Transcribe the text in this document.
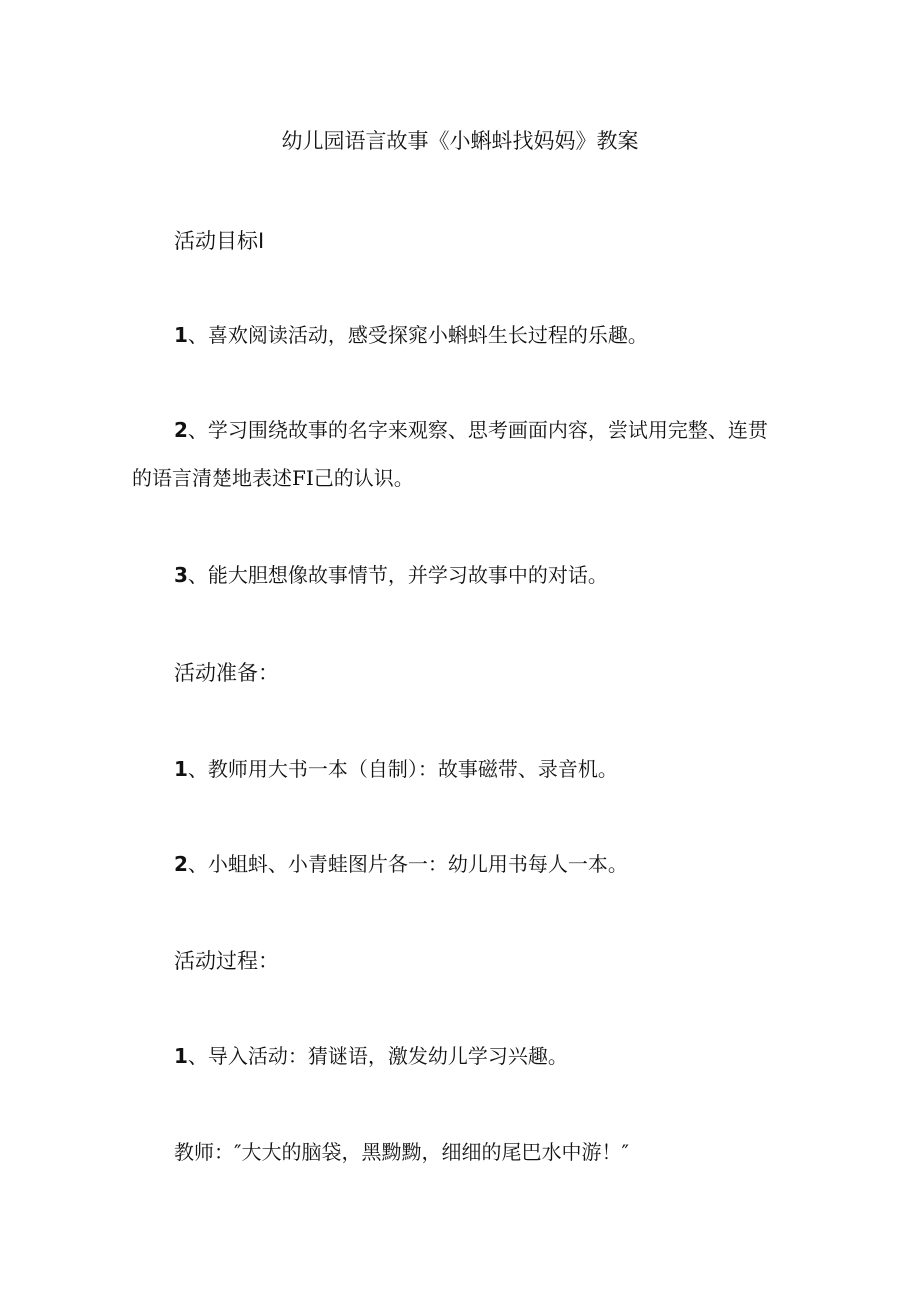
幼儿园语言故事《小蝌蚪找妈妈》教案
活动目标I
1、喜欢阅读活动，感受探窕小蝌蚪生长过程的乐趣。
2、学习围绕故事的名字来观察、思考画面内容，尝试用完整、连贯
的语言清楚地表述FI己的认识。
3、能大胆想像故事情节，并学习故事中的对话。
活动准备：
1、教师用大书一本（自制）：故事磁带、录音机。
2、小蛆蚪、小青蛙图片各一：幼儿用书每人一本。
活动过程：
1、导入活动：猜谜语，激发幼儿学习兴趣。
教师：″大大的脑袋，黑黝黝，细细的尾巴水中游！″
